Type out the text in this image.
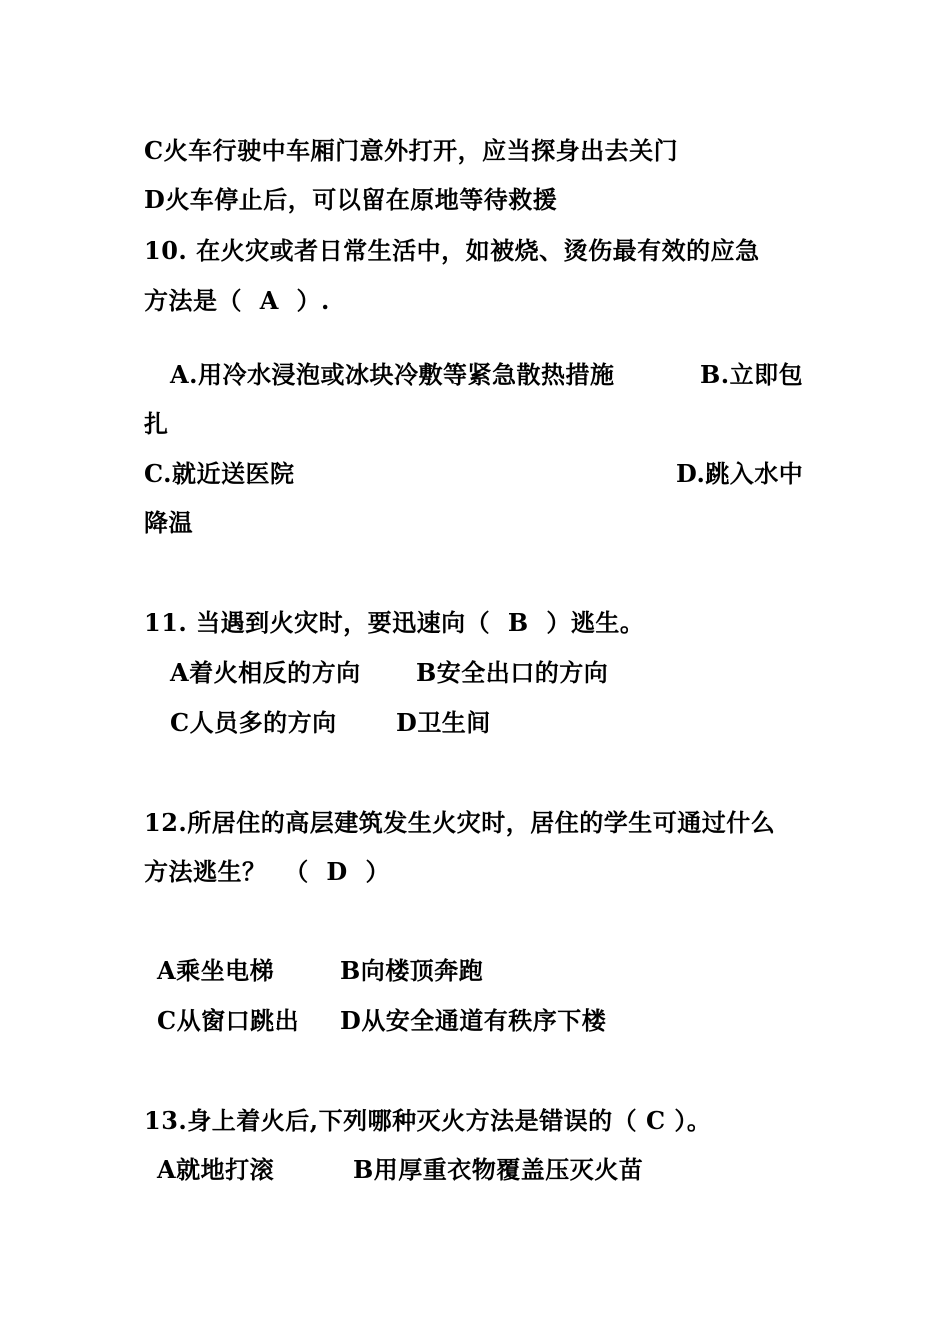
C火车行驶中车厢门意外打开，应当探身出去关门
D火车停止后，可以留在原地等待救援
10. 在火灾或者日常生活中，如被烧、烫伤最有效的应急
方法是（  A  ）.
A.用冷水浸泡或冰块冷敷等紧急散热措施	B.立即包
扎
C.就近送医院	D.跳入水中
降温
11. 当遇到火灾时，要迅速向（  B  ）逃生。
A着火相反的方向 B安全出口的方向
C人员多的方向 D卫生间
12.所居住的高层建筑发生火灾时，居住的学生可通过什么
方法逃生？  （  D  ）
A乘坐电梯	B向楼顶奔跑
C从窗口跳出 D从安全通道有秩序下楼
13.身上着火后,下列哪种灭火方法是错误的（ C ）。
A就地打滚	B用厚重衣物覆盖压灭火苗
